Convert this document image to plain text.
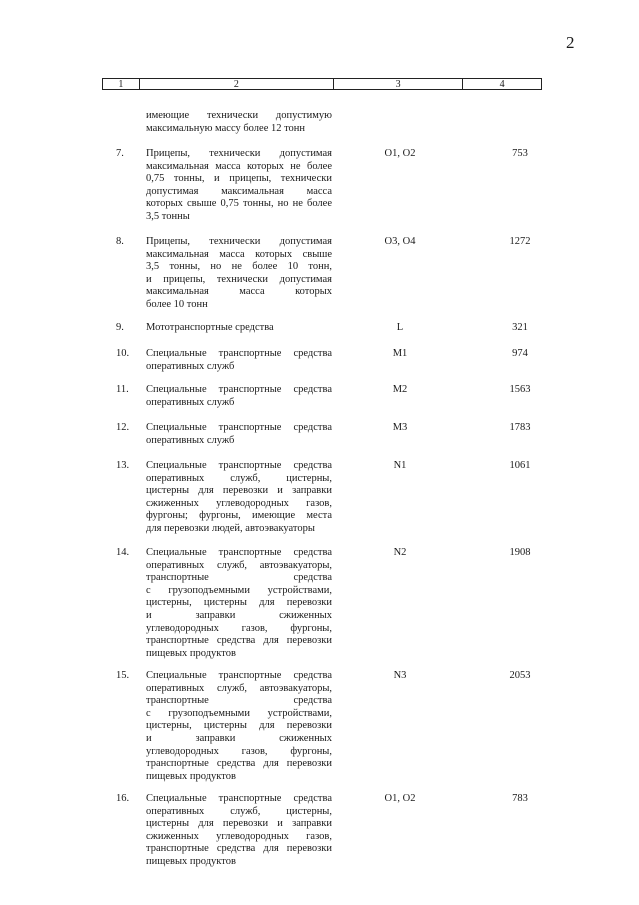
2
1	2	3	4
имеющие технически допустимую
максимальную массу более 12 тонн
7. Прицепы, технически допустимая
максимальная масса которых не более
0,75 тонны, и прицепы, технически
допустимая максимальная масса
которых свыше 0,75 тонны, но не более
3,5 тонны
O1, O2	753
8. Прицепы, технически допустимая
максимальная масса которых свыше
3,5 тонны, но не более 10 тонн,
и прицепы, технически допустимая
максимальная масса которых
более 10 тонн
O3, O4	1272
9. Мототранспортные средства	L	321
10. Специальные транспортные средства
оперативных служб
M1	974
11. Специальные транспортные средства
оперативных служб
M2	1563
12. Специальные транспортные средства
оперативных служб
M3	1783
13. Специальные транспортные средства
оперативных служб, цистерны,
цистерны для перевозки и заправки
сжиженных углеводородных газов,
фургоны; фургоны, имеющие места
для перевозки людей, автоэвакуаторы
N1	1061
14. Специальные транспортные средства
оперативных служб, автоэвакуаторы,
транспортные средства
с грузоподъемными устройствами,
цистерны, цистерны для перевозки
и заправки сжиженных
углеводородных газов, фургоны,
транспортные средства для перевозки
пищевых продуктов
N2	1908
15. Специальные транспортные средства
оперативных служб, автоэвакуаторы,
транспортные средства
с грузоподъемными устройствами,
цистерны, цистерны для перевозки
и заправки сжиженных
углеводородных газов, фургоны,
транспортные средства для перевозки
пищевых продуктов
N3	2053
16. Специальные транспортные средства
оперативных служб, цистерны,
цистерны для перевозки и заправки
сжиженных углеводородных газов,
транспортные средства для перевозки
пищевых продуктов
O1, O2	783
